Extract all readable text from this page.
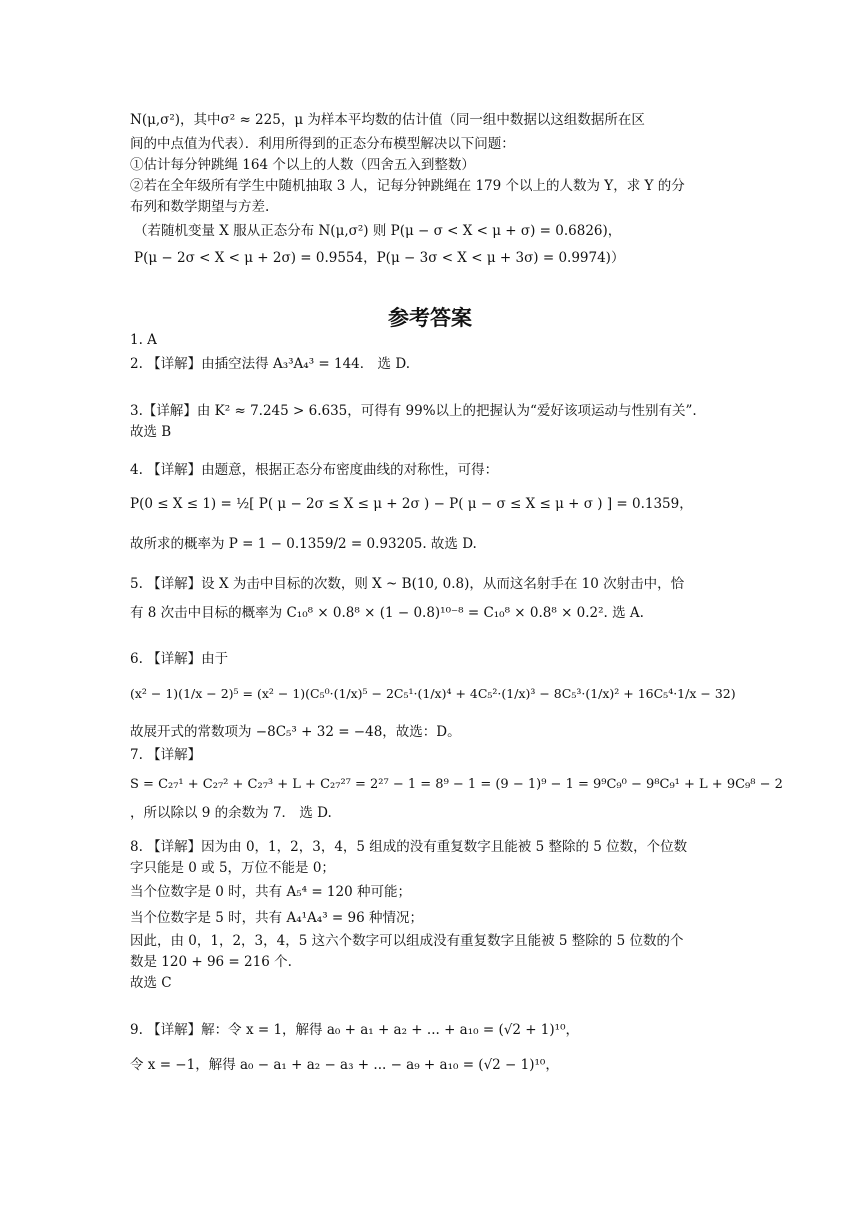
N(μ,σ²)，其中σ² ≈ 225，μ 为样本平均数的估计值（同一组中数据以这组数据所在区
间的中点值为代表）．利用所得到的正态分布模型解决以下问题：
①估计每分钟跳绳 164 个以上的人数（四舍五入到整数）
②若在全年级所有学生中随机抽取 3 人，记每分钟跳绳在 179 个以上的人数为 Y，求 Y 的分
布列和数学期望与方差.
（若随机变量 X 服从正态分布 N(μ,σ²) 则 P(μ − σ < X < μ + σ) = 0.6826)，
P(μ − 2σ < X < μ + 2σ) = 0.9554，P(μ − 3σ < X < μ + 3σ) = 0.9974)）
参考答案
1. A
2. 【详解】由插空法得 A₃³A₄³ = 144． 选 D.
3.【详解】由 K² ≈ 7.245 > 6.635，可得有 99%以上的把握认为“爱好该项运动与性别有关”.
故选 B
4. 【详解】由题意，根据正态分布密度曲线的对称性，可得：
P(0 ≤ X ≤ 1) = ½[ P( μ − 2σ ≤ X ≤ μ + 2σ ) − P( μ − σ ≤ X ≤ μ + σ ) ] = 0.1359，
故所求的概率为 P = 1 − 0.1359/2 = 0.93205. 故选 D.
5. 【详解】设 X 为击中目标的次数，则 X ~ B(10, 0.8)，从而这名射手在 10 次射击中，恰
有 8 次击中目标的概率为 C₁₀⁸ × 0.8⁸ × (1 − 0.8)¹⁰⁻⁸ = C₁₀⁸ × 0.8⁸ × 0.2². 选 A.
6. 【详解】由于
(x² − 1)(1/x − 2)⁵ = (x² − 1)(C₅⁰·(1/x)⁵ − 2C₅¹·(1/x)⁴ + 4C₅²·(1/x)³ − 8C₅³·(1/x)² + 16C₅⁴·1/x − 32)
故展开式的常数项为 −8C₅³ + 32 = −48，故选：D。
7. 【详解】
S = C₂₇¹ + C₂₇² + C₂₇³ + L + C₂₇²⁷ = 2²⁷ − 1 = 8⁹ − 1 = (9 − 1)⁹ − 1 = 9⁹C₉⁰ − 9⁸C₉¹ + L + 9C₉⁸ − 2
，所以除以 9 的余数为 7． 选 D.
8. 【详解】因为由 0，1，2，3，4，5 组成的没有重复数字且能被 5 整除的 5 位数，个位数
字只能是 0 或 5，万位不能是 0；
当个位数字是 0 时，共有 A₅⁴ = 120 种可能；
当个位数字是 5 时，共有 A₄¹A₄³ = 96 种情况；
因此，由 0，1，2，3，4，5 这六个数字可以组成没有重复数字且能被 5 整除的 5 位数的个
数是 120 + 96 = 216 个.
故选 C
9. 【详解】解：令 x = 1，解得 a₀ + a₁ + a₂ + ... + a₁₀ = (√2 + 1)¹⁰，
令 x = −1，解得 a₀ − a₁ + a₂ − a₃ + ... − a₉ + a₁₀ = (√2 − 1)¹⁰，
